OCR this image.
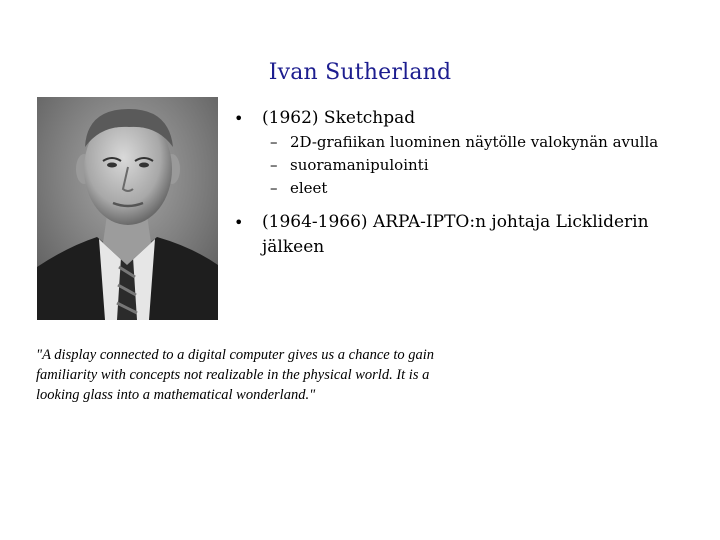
Ivan Sutherland
• (1962) Sketchpad
– 2D-grafiikan luominen näytölle valokynän avulla
– suoramanipulointi
– eleet
• (1964-1966) ARPA-IPTO:n johtaja Lickliderin jälkeen
"A display connected to a digital computer gives us a chance to gain familiarity with concepts not realizable in the physical world. It is a looking glass into a mathematical wonderland."
